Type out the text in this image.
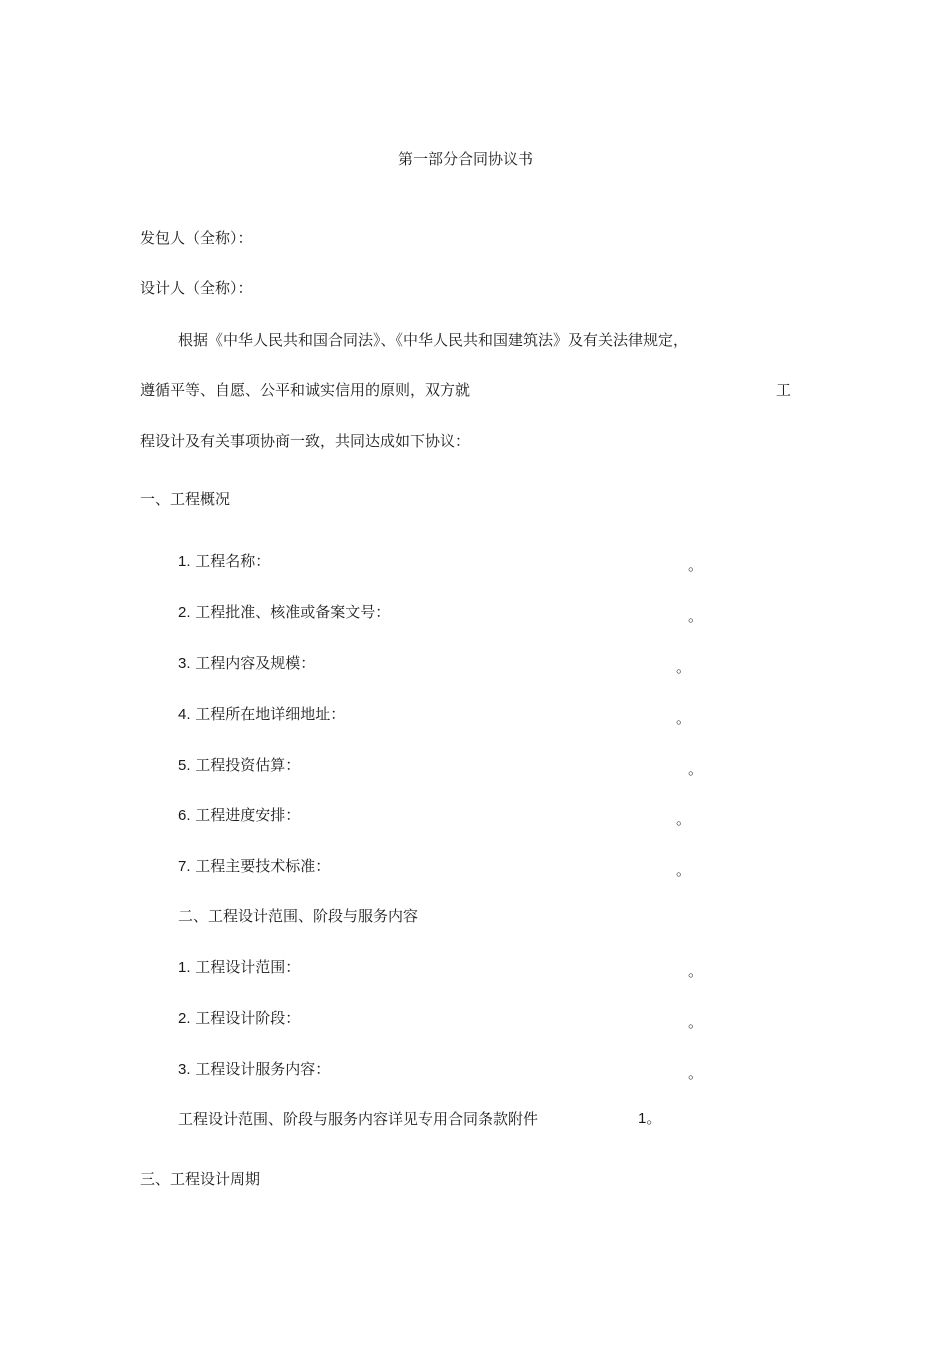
第一部分合同协议书
发包人（全称）：
设计人（全称）：
根据《中华人民共和国合同法》、《中华人民共和国建筑法》及有关法律规定，
遵循平等、自愿、公平和诚实信用的原则，双方就	工
程设计及有关事项协商一致，共同达成如下协议：
一、工程概况
1. 工程名称：	。
2. 工程批准、核准或备案文号：	。
3. 工程内容及规模：	。
4. 工程所在地详细地址：	。
5. 工程投资估算：	。
6. 工程进度安排：	。
7. 工程主要技术标准：	。
二、工程设计范围、阶段与服务内容
1. 工程设计范围：	。
2. 工程设计阶段：	。
3. 工程设计服务内容：	。
工程设计范围、阶段与服务内容详见专用合同条款附件	1。
三、工程设计周期
